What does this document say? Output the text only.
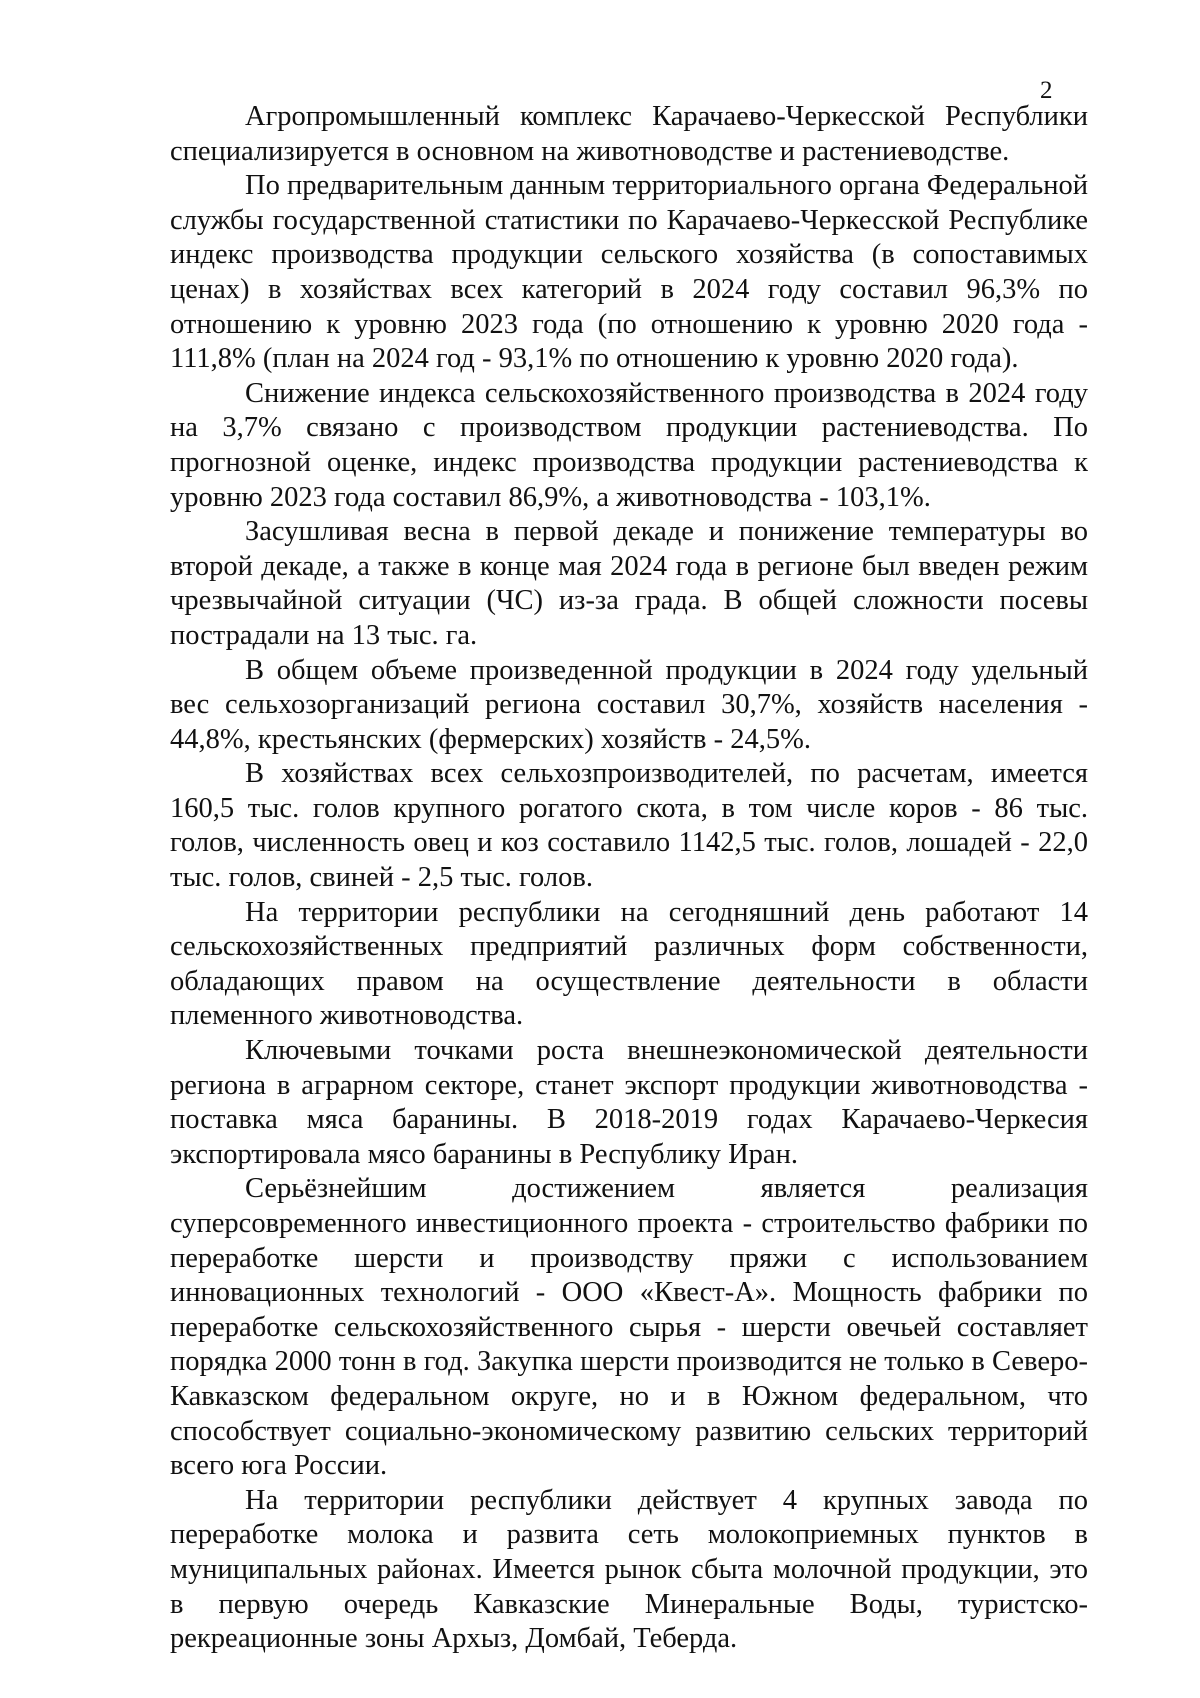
2

Агропромышленный комплекс Карачаево-Черкесской Республики специализируется в основном на животноводстве и растениеводстве.

По предварительным данным территориального органа Федеральной службы государственной статистики по Карачаево-Черкесской Республике индекс производства продукции сельского хозяйства (в сопоставимых ценах) в хозяйствах всех категорий в 2024 году составил 96,3% по отношению к уровню 2023 года (по отношению к уровню 2020 года - 111,8% (план на 2024 год - 93,1% по отношению к уровню 2020 года).

Снижение индекса сельскохозяйственного производства в 2024 году на 3,7% связано с производством продукции растениеводства. По прогнозной оценке, индекс производства продукции растениеводства к уровню 2023 года составил 86,9%, а животноводства - 103,1%.

Засушливая весна в первой декаде и понижение температуры во второй декаде, а также в конце мая 2024 года в регионе был введен режим чрезвычайной ситуации (ЧС) из-за града. В общей сложности посевы пострадали на 13 тыс. га.

В общем объеме произведенной продукции в 2024 году удельный вес сельхозорганизаций региона составил 30,7%, хозяйств населения - 44,8%, крестьянских (фермерских) хозяйств - 24,5%.

В хозяйствах всех сельхозпроизводителей, по расчетам, имеется 160,5 тыс. голов крупного рогатого скота, в том числе коров - 86 тыс. голов, численность овец и коз составило 1142,5 тыс. голов, лошадей - 22,0 тыс. голов, свиней - 2,5 тыс. голов.

На территории республики на сегодняшний день работают 14 сельскохозяйственных предприятий различных форм собственности, обладающих правом на осуществление деятельности в области племенного животноводства.

Ключевыми точками роста внешнеэкономической деятельности региона в аграрном секторе, станет экспорт продукции животноводства - поставка мяса баранины. В 2018-2019 годах Карачаево-Черкесия экспортировала мясо баранины в Республику Иран.

Серьёзнейшим достижением является реализация суперсовременного инвестиционного проекта - строительство фабрики по переработке шерсти и производству пряжи с использованием инновационных технологий - ООО «Квест-А». Мощность фабрики по переработке сельскохозяйственного сырья - шерсти овечьей составляет порядка 2000 тонн в год. Закупка шерсти производится не только в Северо-Кавказском федеральном округе, но и в Южном федеральном, что способствует социально-экономическому развитию сельских территорий всего юга России.

На территории республики действует 4 крупных завода по переработке молока и развита сеть молокоприемных пунктов в муниципальных районах. Имеется рынок сбыта молочной продукции, это в первую очередь Кавказские Минеральные Воды, туристско-рекреационные зоны Архыз, Домбай, Теберда.
